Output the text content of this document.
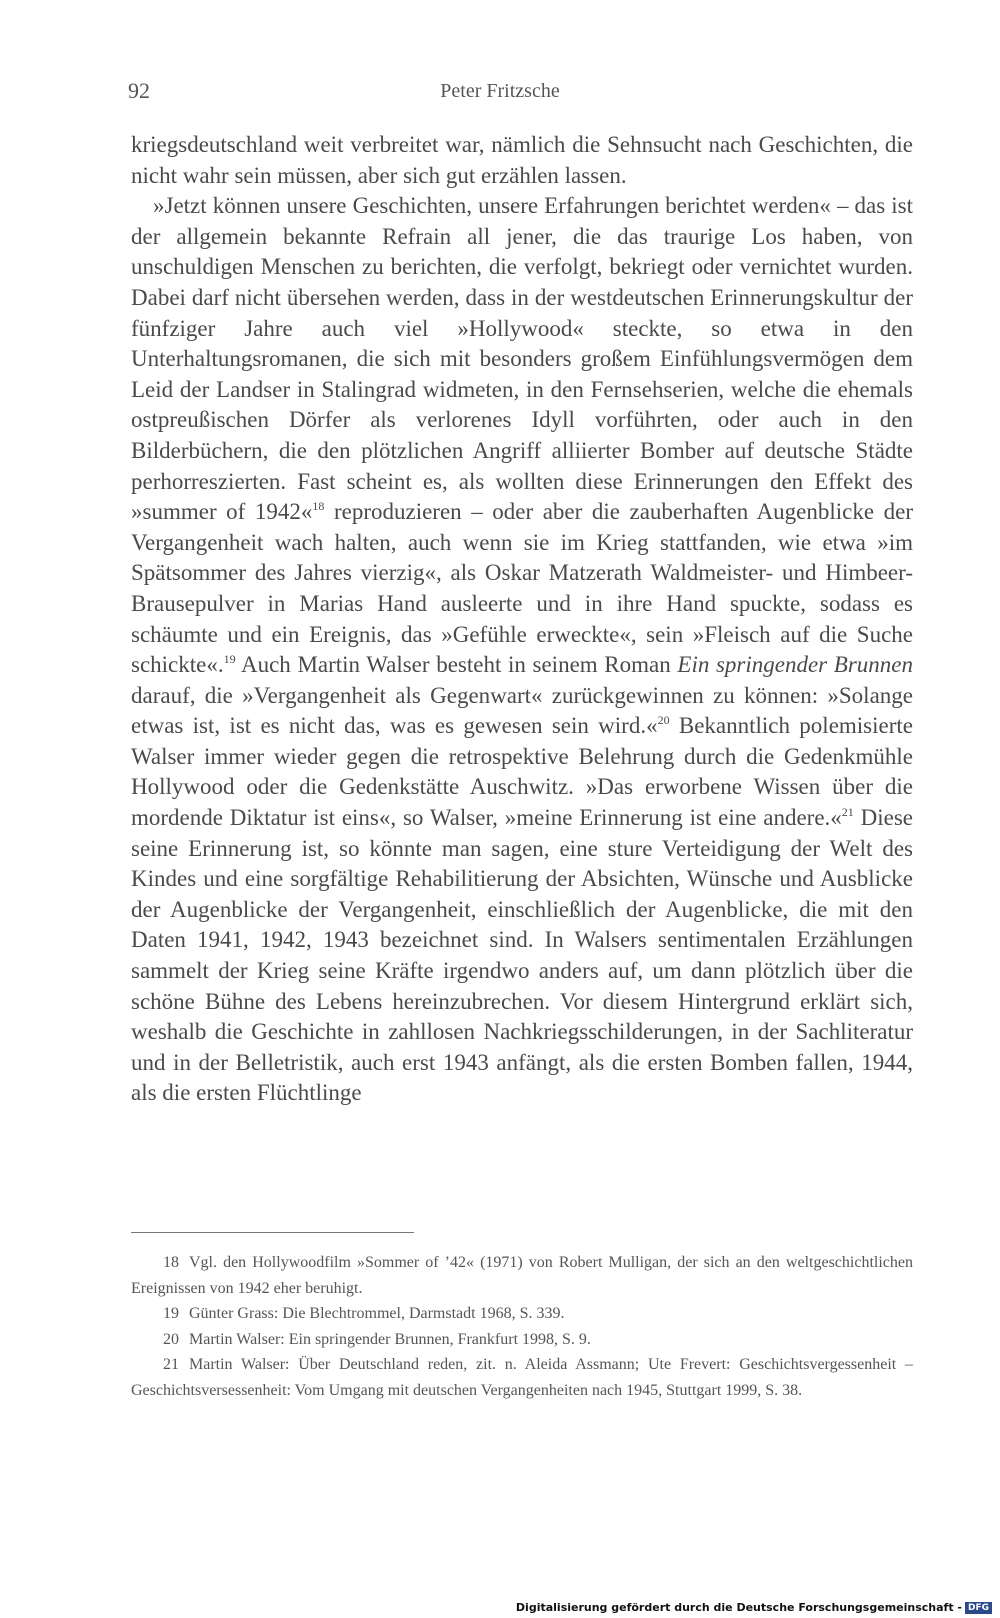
92	Peter Fritzsche

kriegsdeutschland weit verbreitet war, nämlich die Sehnsucht nach Geschichten, die nicht wahr sein müssen, aber sich gut erzählen lassen.

»Jetzt können unsere Geschichten, unsere Erfahrungen berichtet werden« – das ist der allgemein bekannte Refrain all jener, die das traurige Los haben, von unschuldigen Menschen zu berichten, die verfolgt, bekriegt oder vernichtet wurden. Dabei darf nicht übersehen werden, dass in der westdeutschen Erinnerungskultur der fünfziger Jahre auch viel »Hollywood« steckte, so etwa in den Unterhaltungsromanen, die sich mit besonders großem Einfühlungsvermögen dem Leid der Landser in Stalingrad widmeten, in den Fernsehserien, welche die ehemals ostpreußischen Dörfer als verlorenes Idyll vorführten, oder auch in den Bilderbüchern, die den plötzlichen Angriff alliierter Bomber auf deutsche Städte perhorreszierten. Fast scheint es, als wollten diese Erinnerungen den Effekt des »summer of 1942«$^{18}$ reproduzieren – oder aber die zauberhaften Augenblicke der Vergangenheit wach halten, auch wenn sie im Krieg stattfanden, wie etwa »im Spätsommer des Jahres vierzig«, als Oskar Matzerath Waldmeister- und Himbeer-Brausepulver in Marias Hand ausleerte und in ihre Hand spuckte, sodass es schäumte und ein Ereignis, das »Gefühle erweckte«, sein »Fleisch auf die Suche schickte«.$^{19}$ Auch Martin Walser besteht in seinem Roman Ein springender Brunnen darauf, die »Vergangenheit als Gegenwart« zurückgewinnen zu können: »Solange etwas ist, ist es nicht das, was es gewesen sein wird.«$^{20}$ Bekanntlich polemisierte Walser immer wieder gegen die retrospektive Belehrung durch die Gedenkmühle Hollywood oder die Gedenkstätte Auschwitz. »Das erworbene Wissen über die mordende Diktatur ist eins«, so Walser, »meine Erinnerung ist eine andere.«$^{21}$ Diese seine Erinnerung ist, so könnte man sagen, eine sture Verteidigung der Welt des Kindes und eine sorgfältige Rehabilitierung der Absichten, Wünsche und Ausblicke der Augenblicke der Vergangenheit, einschließlich der Augenblicke, die mit den Daten 1941, 1942, 1943 bezeichnet sind. In Walsers sentimentalen Erzählungen sammelt der Krieg seine Kräfte irgendwo anders auf, um dann plötzlich über die schöne Bühne des Lebens hereinzubrechen. Vor diesem Hintergrund erklärt sich, weshalb die Geschichte in zahllosen Nachkriegsschilderungen, in der Sachliteratur und in der Belletristik, auch erst 1943 anfängt, als die ersten Bomben fallen, 1944, als die ersten Flüchtlinge

18 Vgl. den Hollywoodfilm »Sommer of ’42« (1971) von Robert Mulligan, der sich an den weltgeschichtlichen Ereignissen von 1942 eher beruhigt.

19 Günter Grass: Die Blechtrommel, Darmstadt 1968, S. 339.

20 Martin Walser: Ein springender Brunnen, Frankfurt 1998, S. 9.

21 Martin Walser: Über Deutschland reden, zit. n. Aleida Assmann; Ute Frevert: Geschichtsvergessenheit – Geschichtsversessenheit: Vom Umgang mit deutschen Vergangenheiten nach 1945, Stuttgart 1999, S. 38.

Digitalisierung gefördert durch die Deutsche Forschungsgemeinschaft - DFG
